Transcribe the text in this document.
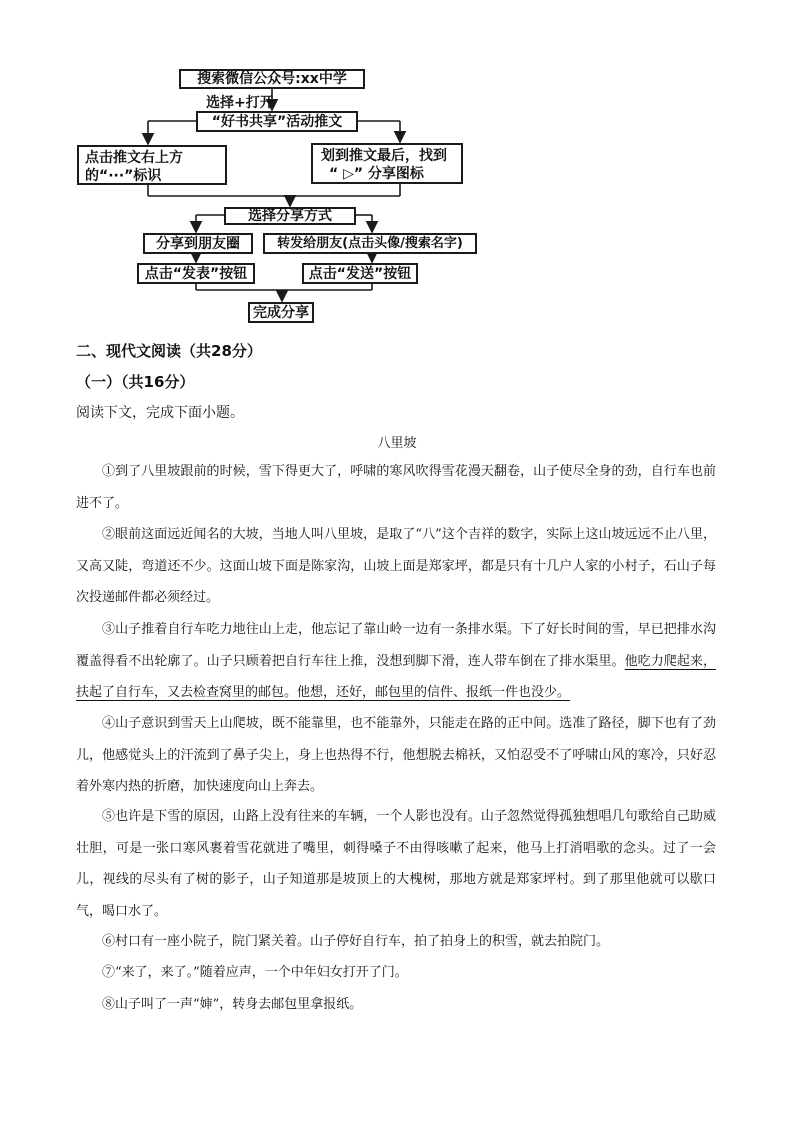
搜索微信公众号:xx中学
选择+打开
“好书共享”活动推文
点击推文右上方
的“···”标识
划到推文最后，找到
“ ▷” 分享图标
选择分享方式
分享到朋友圈	转发给朋友(点击头像/搜索名字)
点击“发表”按钮	点击“发送”按钮
完成分享
二、现代文阅读（共28分）
（一）（共16分）
阅读下文，完成下面小题。
八里坡
①到了八里坡跟前的时候，雪下得更大了，呼啸的寒风吹得雪花漫天翻卷，山子使尽全身的劲，自行车也前进不了。
②眼前这面远近闻名的大坡，当地人叫八里坡，是取了“八”这个吉祥的数字，实际上这山坡远远不止八里，又高又陡，弯道还不少。这面山坡下面是陈家沟，山坡上面是郑家坪，都是只有十几户人家的小村子，石山子每次投递邮件都必须经过。
③山子推着自行车吃力地往山上走，他忘记了靠山岭一边有一条排水渠。下了好长时间的雪，早已把排水沟覆盖得看不出轮廓了。山子只顾着把自行车往上推，没想到脚下滑，连人带车倒在了排水渠里。他吃力爬起来，扶起了自行车，又去检查窝里的邮包。他想，还好，邮包里的信件、报纸一件也没少。
④山子意识到雪天上山爬坡，既不能靠里，也不能靠外，只能走在路的正中间。选准了路径，脚下也有了劲儿，他感觉头上的汗流到了鼻子尖上，身上也热得不行，他想脱去棉袄，又怕忍受不了呼啸山风的寒冷，只好忍着外寒内热的折磨，加快速度向山上奔去。
⑤也许是下雪的原因，山路上没有往来的车辆，一个人影也没有。山子忽然觉得孤独想唱几句歌给自己助威壮胆，可是一张口寒风裹着雪花就进了嘴里，刺得嗓子不由得咳嗽了起来，他马上打消唱歌的念头。过了一会儿，视线的尽头有了树的影子，山子知道那是坡顶上的大槐树，那地方就是郑家坪村。到了那里他就可以歇口气，喝口水了。
⑥村口有一座小院子，院门紧关着。山子停好自行车，拍了拍身上的积雪，就去拍院门。
⑦“来了，来了。”随着应声，一个中年妇女打开了门。
⑧山子叫了一声“婶”，转身去邮包里拿报纸。
